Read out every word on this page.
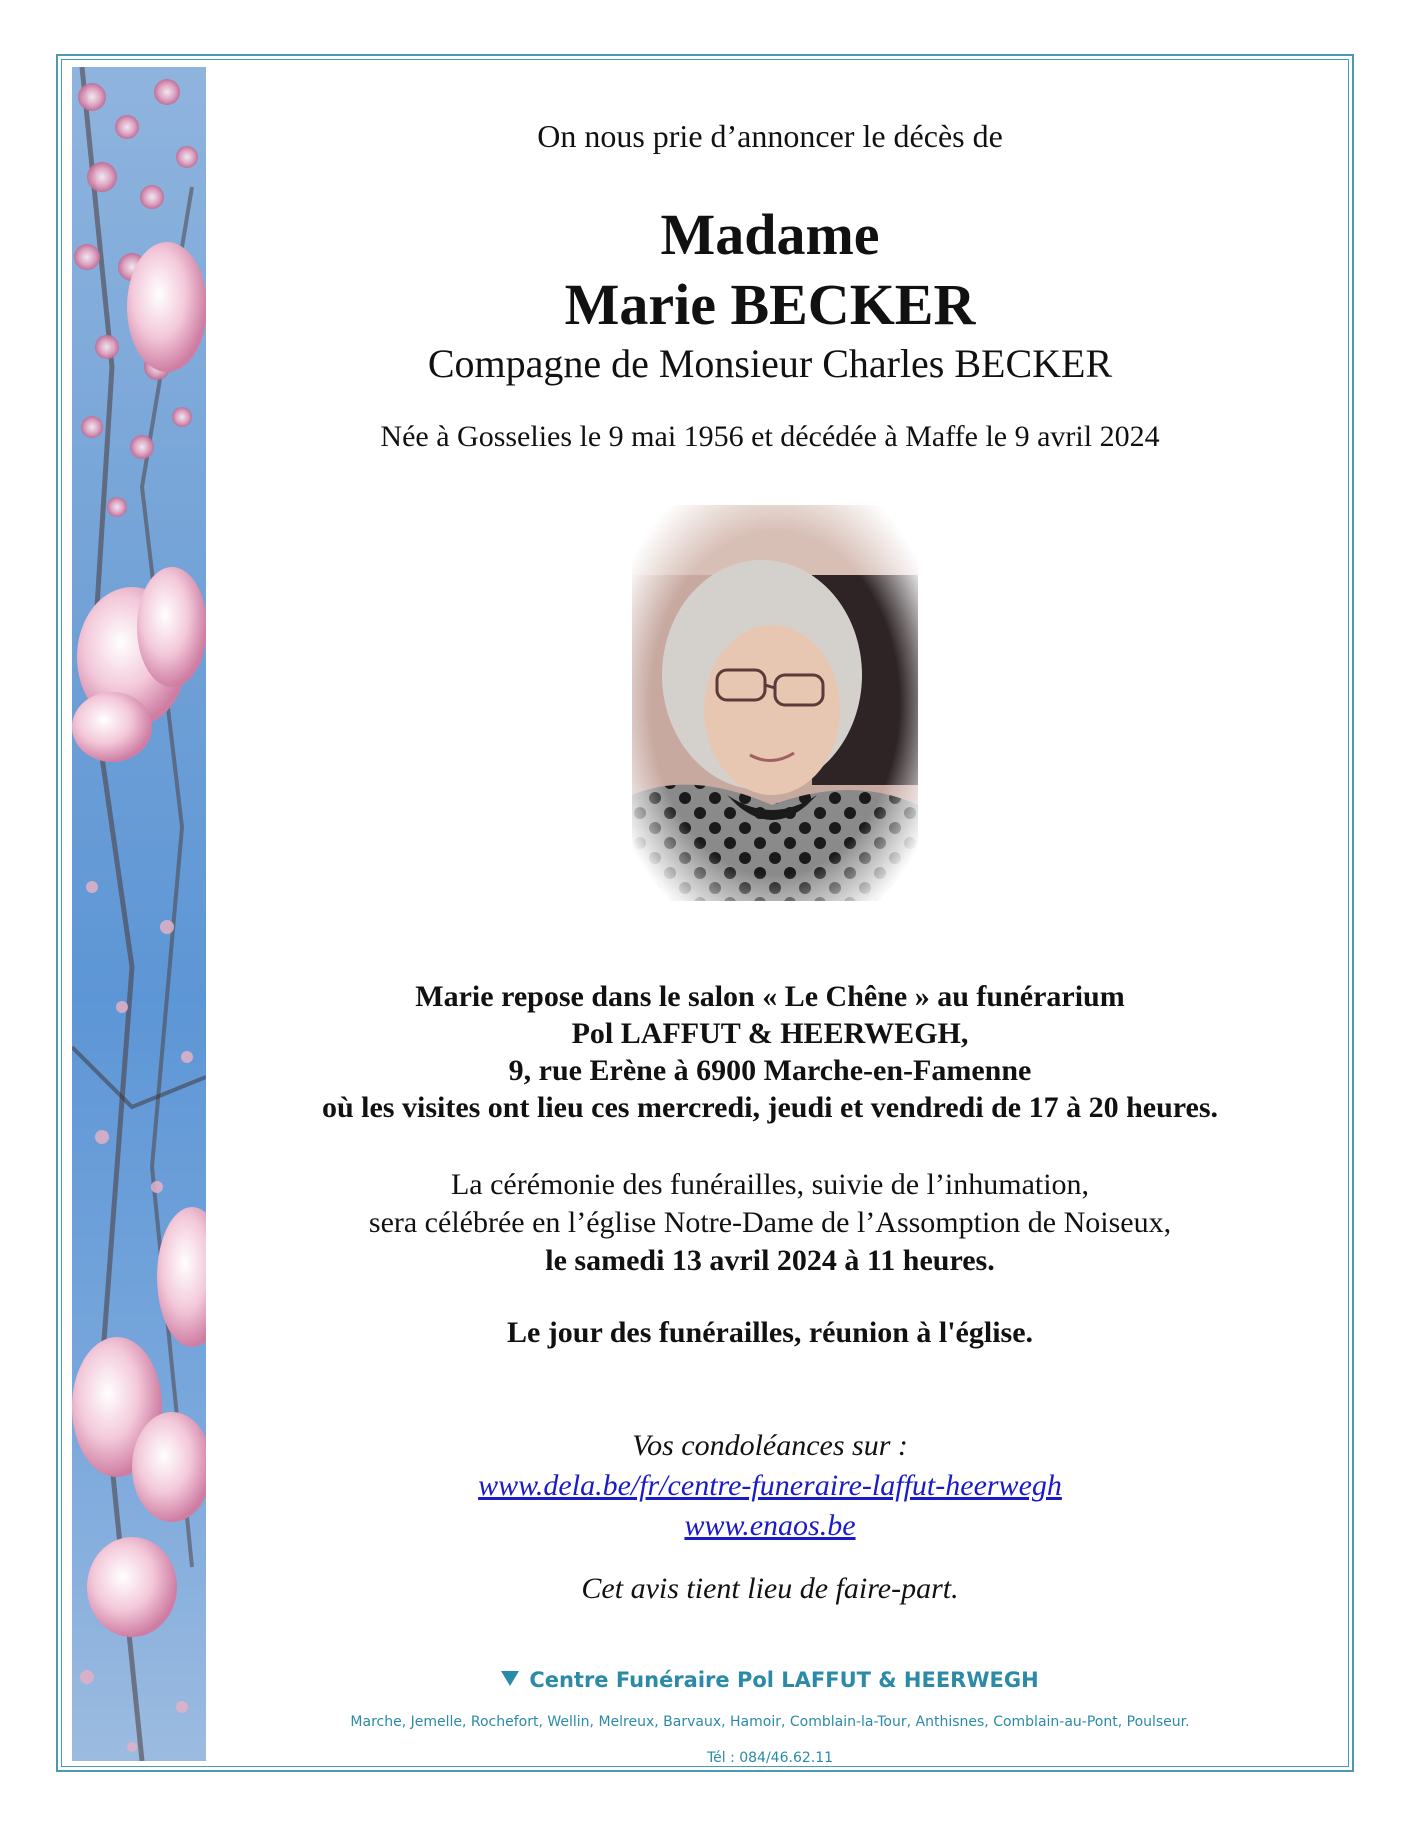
On nous prie d’annoncer le décès de
Madame
Marie BECKER
Compagne de Monsieur Charles BECKER
Née à Gosselies le 9 mai 1956 et décédée à Maffe le 9 avril 2024
Marie repose dans le salon « Le Chêne » au funérarium
Pol LAFFUT & HEERWEGH,
9, rue Erène à 6900 Marche-en-Famenne
où les visites ont lieu ces mercredi, jeudi et vendredi de 17 à 20 heures.
La cérémonie des funérailles, suivie de l’inhumation,
sera célébrée en l’église Notre-Dame de l’Assomption de Noiseux,
le samedi 13 avril 2024 à 11 heures.
Le jour des funérailles, réunion à l'église.
Vos condoléances sur :
www.dela.be/fr/centre-funeraire-laffut-heerwegh
www.enaos.be
Cet avis tient lieu de faire-part.
Centre Funéraire Pol LAFFUT & HEERWEGH
Marche, Jemelle, Rochefort, Wellin, Melreux, Barvaux, Hamoir, Comblain-la-Tour, Anthisnes, Comblain-au-Pont, Poulseur.
Tél : 084/46.62.11
